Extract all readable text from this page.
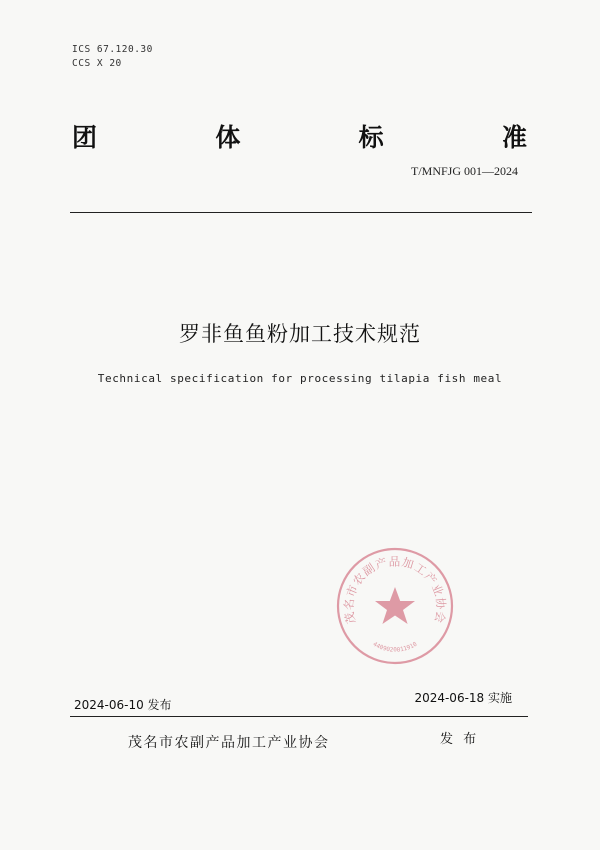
ICS 67.120.30
CCS X 20
团	体	标	准
T/MNFJG 001—2024
罗非鱼鱼粉加工技术规范
Technical specification for processing tilapia fish meal
茂名市农副产品加工产业协会
4409020011910
2024-06-10 发布	2024-06-18 实施
茂名市农副产品加工产业协会	发 布
